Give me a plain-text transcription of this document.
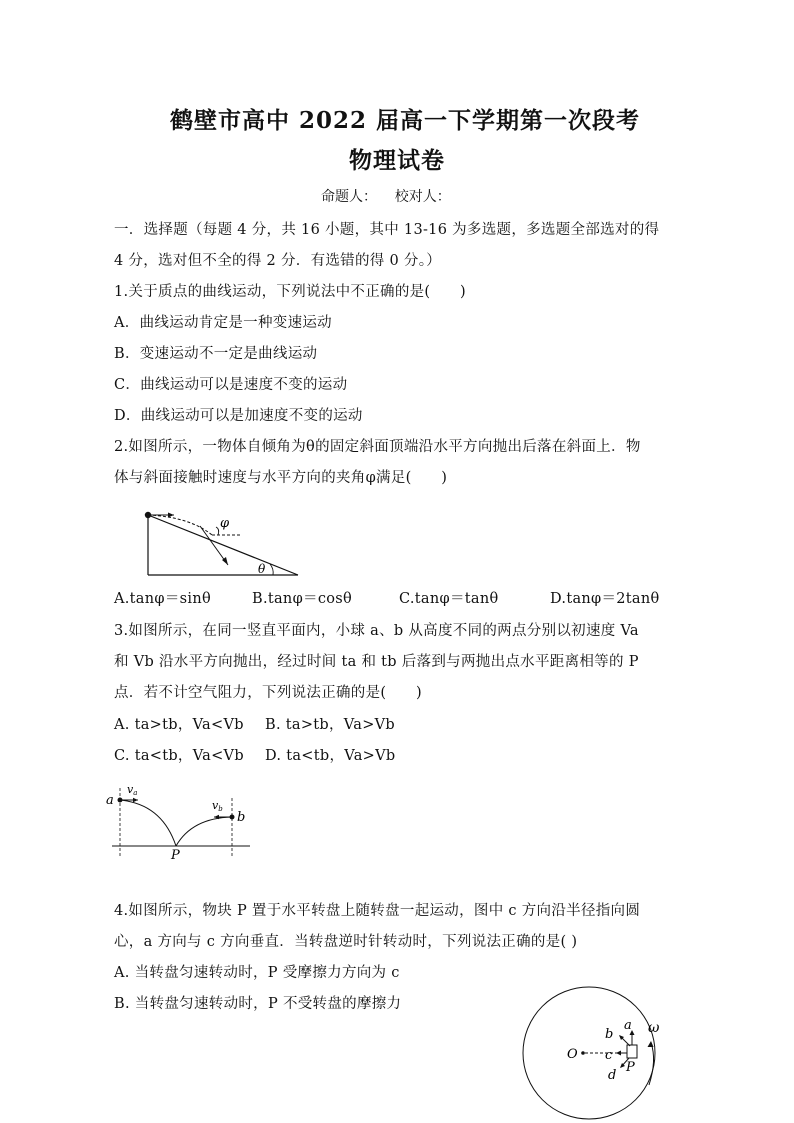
鹤壁市高中 2022 届高一下学期第一次段考
物理试卷
命题人：    校对人：
一．选择题（每题 4 分，共 16 小题，其中 13-16 为多选题，多选题全部选对的得
4 分，选对但不全的得 2 分．有选错的得 0 分。）
1.关于质点的曲线运动，下列说法中不正确的是(　　)
A．曲线运动肯定是一种变速运动
B．变速运动不一定是曲线运动
C．曲线运动可以是速度不变的运动
D．曲线运动可以是加速度不变的运动
2.如图所示，一物体自倾角为θ的固定斜面顶端沿水平方向抛出后落在斜面上．物
体与斜面接触时速度与水平方向的夹角φ满足(　　)
φ
θ
A.tanφ＝sinθ	B.tanφ＝cosθ	C.tanφ＝tanθ	D.tanφ＝2tanθ
3.如图所示，在同一竖直平面内，小球 a、b 从高度不同的两点分别以初速度 Va
和 Vb 沿水平方向抛出，经过时间 ta 和 tb 后落到与两抛出点水平距离相等的 P
点．若不计空气阻力，下列说法正确的是(　　)
A. ta>tb，Va<Vb B. ta>tb，Va>Vb
C. ta<tb，Va<Vb D. ta<tb，Va>Vb
a
b
va
vb
P
4.如图所示，物块 P 置于水平转盘上随转盘一起运动，图中 c 方向沿半径指向圆
心，a 方向与 c 方向垂直．当转盘逆时针转动时，下列说法正确的是( )
A. 当转盘匀速转动时，P 受摩擦力方向为 c
B. 当转盘匀速转动时，P 不受转盘的摩擦力
O
a
b
c
d
P
ω
